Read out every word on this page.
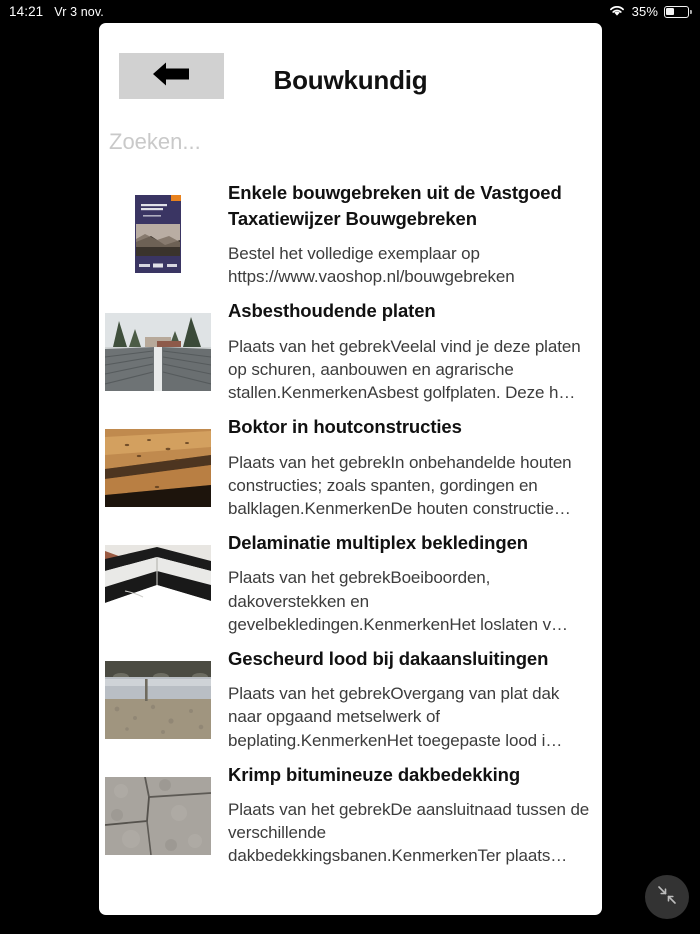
14:21 Vr 3 nov.	35%
Bouwkundig
Zoeken...
Enkele bouwgebreken uit de Vastgoed Taxatiewijzer Bouwgebreken
Bestel het volledige exemplaar op https://www.vaoshop.nl/bouwgebreken
Asbesthoudende platen
Plaats van het gebrekVeelal vind je deze platen op schuren, aanbouwen en agrarische stallen.KenmerkenAsbest golfplaten. Deze h…
Boktor in houtconstructies
Plaats van het gebrekIn onbehandelde houten constructies; zoals spanten, gordingen en balklagen.KenmerkenDe houten constructie…
Delaminatie multiplex bekledingen
Plaats van het gebrekBoeiboorden, dakoverstekken en gevelbekledingen.KenmerkenHet loslaten v…
Gescheurd lood bij dakaansluitingen
Plaats van het gebrekOvergang van plat dak naar opgaand metselwerk of beplating.KenmerkenHet toegepaste lood i…
Krimp bitumineuze dakbedekking
Plaats van het gebrekDe aansluitnaad tussen de verschillende dakbedekkingsbanen.KenmerkenTer plaats…
